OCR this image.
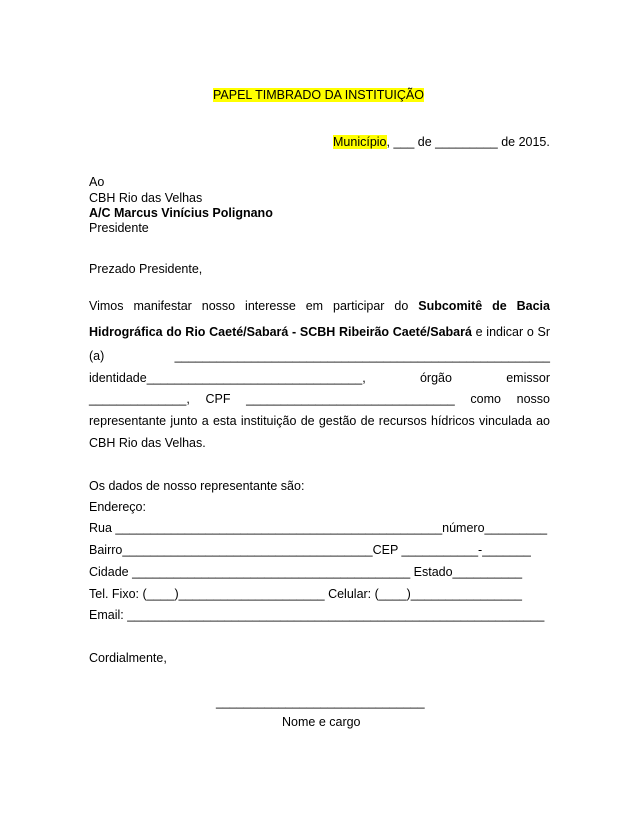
PAPEL TIMBRADO DA INSTITUIÇÃO
Município, ___ de _________ de 2015.
Ao
CBH Rio das Velhas
A/C Marcus Vinícius Polignano
Presidente
Prezado Presidente,
Vimos manifestar nosso interesse em participar do Subcomitê de Bacia
Hidrográfica do Rio Caeté/Sabará - SCBH Ribeirão Caeté/Sabará e indicar o Sr
(a) ______________________________________________________
identidade_______________________________, órgão emissor
______________, CPF ______________________________ como nosso
representante junto a esta instituição de gestão de recursos hídricos vinculada ao
CBH Rio das Velhas.
Os dados de nosso representante são:
Endereço:
Rua _______________________________________________número_________
Bairro____________________________________CEP ___________-_______
Cidade ________________________________________ Estado__________
Tel. Fixo: (____)_____________________ Celular: (____)________________
Email: ____________________________________________________________
Cordialmente,
______________________________
Nome e cargo
